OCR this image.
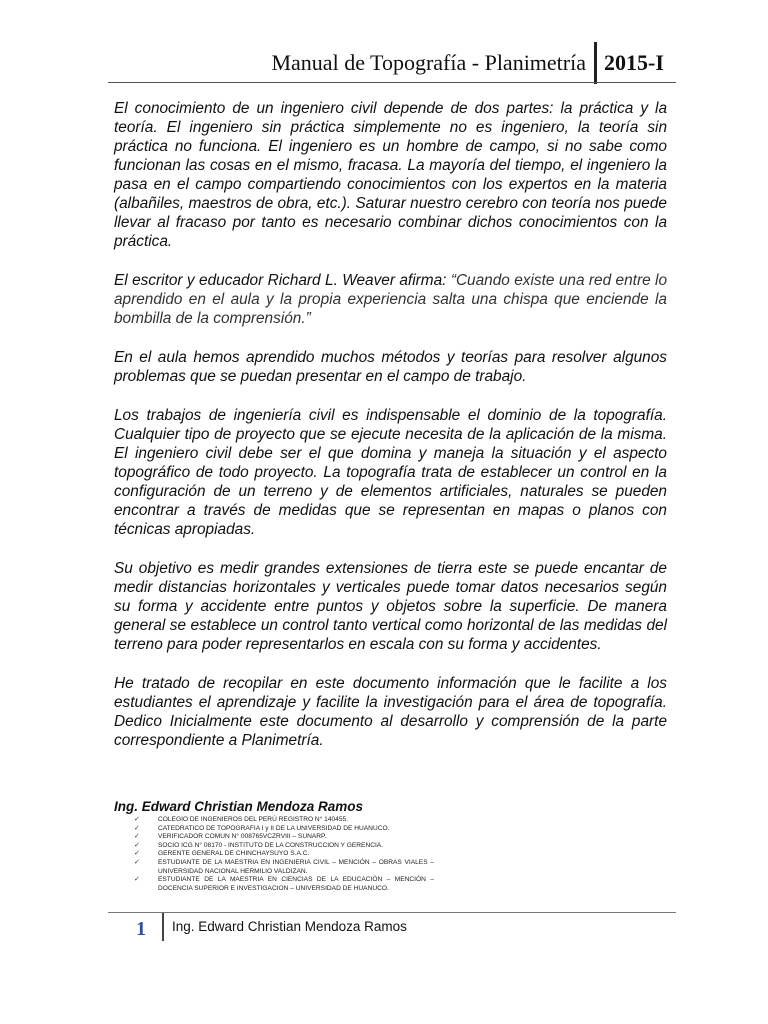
Manual de Topografía - Planimetría 2015-I

El conocimiento de un ingeniero civil depende de dos partes: la práctica y la teoría. El ingeniero sin práctica simplemente no es ingeniero, la teoría sin práctica no funciona. El ingeniero es un hombre de campo, si no sabe como funcionan las cosas en el mismo, fracasa. La mayoría del tiempo, el ingeniero la pasa en el campo compartiendo conocimientos con los expertos en la materia (albañiles, maestros de obra, etc.). Saturar nuestro cerebro con teoría nos puede llevar al fracaso por tanto es necesario combinar dichos conocimientos con la práctica.

El escritor y educador Richard L. Weaver afirma: “Cuando existe una red entre lo aprendido en el aula y la propia experiencia salta una chispa que enciende la bombilla de la comprensión.”

En el aula hemos aprendido muchos métodos y teorías para resolver algunos problemas que se puedan presentar en el campo de trabajo.

Los trabajos de ingeniería civil es indispensable el dominio de la topografía. Cualquier tipo de proyecto que se ejecute necesita de la aplicación de la misma. El ingeniero civil debe ser el que domina y maneja la situación y el aspecto topográfico de todo proyecto. La topografía trata de establecer un control en la configuración de un terreno y de elementos artificiales, naturales se pueden encontrar a través de medidas que se representan en mapas o planos con técnicas apropiadas.

Su objetivo es medir grandes extensiones de tierra este se puede encantar de medir distancias horizontales y verticales puede tomar datos necesarios según su forma y accidente entre puntos y objetos sobre la superficie. De manera general se establece un control tanto vertical como horizontal de las medidas del terreno para poder representarlos en escala con su forma y accidentes.

He tratado de recopilar en este documento información que le facilite a los estudiantes el aprendizaje y facilite la investigación para el área de topografía. Dedico Inicialmente este documento al desarrollo y comprensión de la parte correspondiente a Planimetría.

Ing. Edward Christian Mendoza Ramos
✓	COLEGIO DE INGENIEROS DEL PERÚ REGISTRO N° 140455.
✓	CATEDRATICO DE TOPOGRAFIA I y II DE LA UNIVERSIDAD DE HUANUCO.
✓	VERIFICADOR COMUN N° 008765VCZRVIII – SUNARP.
✓	SOCIO ICG N° 08170 - INSTITUTO DE LA CONSTRUCCION Y GERENCIA.
✓	GERENTE GENERAL DE CHINCHAYSUYO S.A.C.
✓	ESTUDIANTE DE LA MAESTRIA EN INGENIERIA CIVIL – MENCIÓN – OBRAS VIALES – UNIVERSIDAD NACIONAL HERMILIO VALDIZAN.
✓	ESTUDIANTE DE LA MAESTRIA EN CIENCIAS DE LA EDUCACIÓN – MENCIÓN – DOCENCIA SUPERIOR E INVESTIGACION – UNIVERSIDAD DE HUANUCO.
1 Ing. Edward Christian Mendoza Ramos
